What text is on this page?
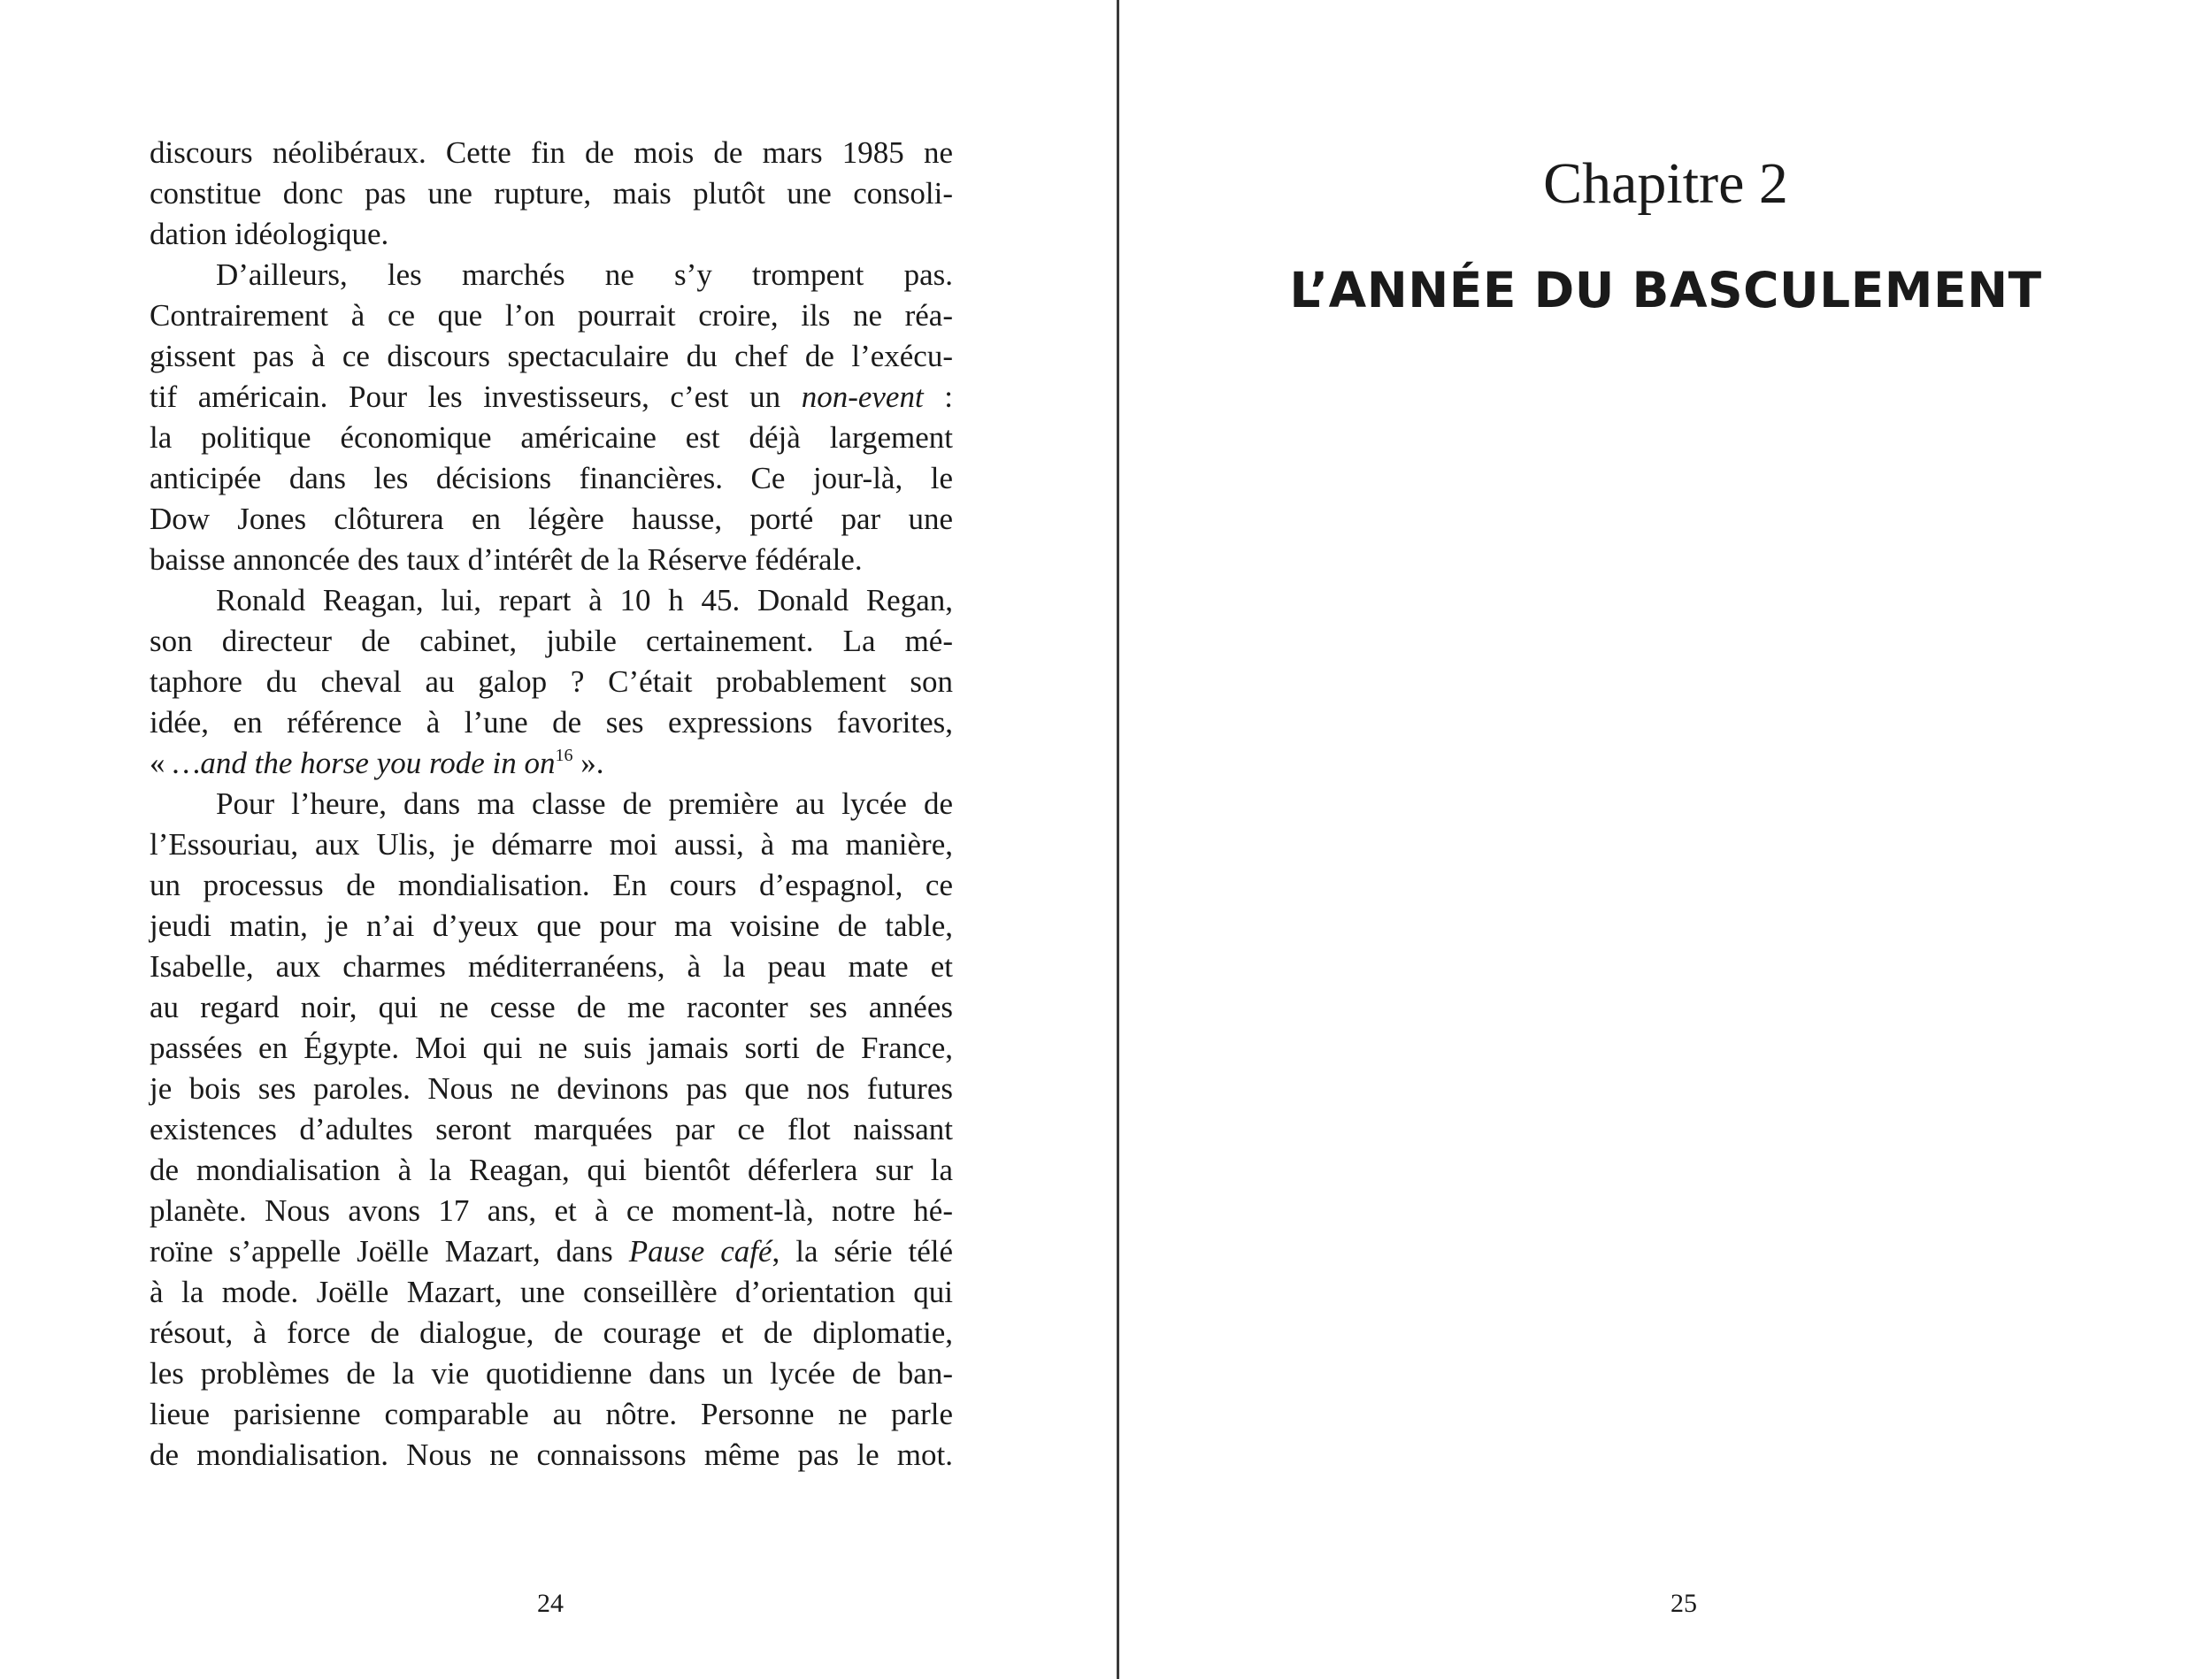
discours néolibéraux. Cette fin de mois de mars 1985 ne
constitue donc pas une rupture, mais plutôt une consoli-
dation idéologique.
D’ailleurs, les marchés ne s’y trompent pas.
Contrairement à ce que l’on pourrait croire, ils ne réa-
gissent pas à ce discours spectaculaire du chef de l’exécu-
tif américain. Pour les investisseurs, c’est un non-event :
la politique économique américaine est déjà largement
anticipée dans les décisions financières. Ce jour-là, le
Dow Jones clôturera en légère hausse, porté par une
baisse annoncée des taux d’intérêt de la Réserve fédérale.
Ronald Reagan, lui, repart à 10 h 45. Donald Regan,
son directeur de cabinet, jubile certainement. La mé-
taphore du cheval au galop ? C’était probablement son
idée, en référence à l’une de ses expressions favorites,
« …and the horse you rode in $on^{16}$ ».
Pour l’heure, dans ma classe de première au lycée de
l’Essouriau, aux Ulis, je démarre moi aussi, à ma manière,
un processus de mondialisation. En cours d’espagnol, ce
jeudi matin, je n’ai d’yeux que pour ma voisine de table,
Isabelle, aux charmes méditerranéens, à la peau mate et
au regard noir, qui ne cesse de me raconter ses années
passées en Égypte. Moi qui ne suis jamais sorti de France,
je bois ses paroles. Nous ne devinons pas que nos futures
existences d’adultes seront marquées par ce flot naissant
de mondialisation à la Reagan, qui bientôt déferlera sur la
planète. Nous avons 17 ans, et à ce moment-là, notre hé-
roïne s’appelle Joëlle Mazart, dans Pause café, la série télé
à la mode. Joëlle Mazart, une conseillère d’orientation qui
résout, à force de dialogue, de courage et de diplomatie,
les problèmes de la vie quotidienne dans un lycée de ban-
lieue parisienne comparable au nôtre. Personne ne parle
de mondialisation. Nous ne connaissons même pas le mot.
24
Chapitre 2
L’ANNÉE DU BASCULEMENT
25
